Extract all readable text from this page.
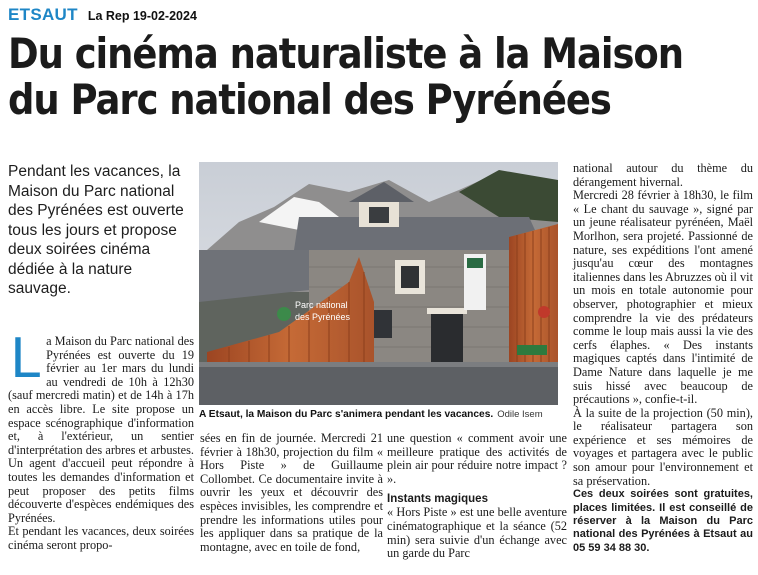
ETSAUT La Rep 19-02-2024
Du cinéma naturaliste à la Maison
du Parc national des Pyrénées
Pendant les vacances, la Maison du Parc national des Pyrénées est ouverte tous les jours et propose deux soirées cinéma dédiée à la nature sauvage.

La Maison du Parc national des Pyrénées est ouverte du 19 février au 1er mars du lundi au vendredi de 10h à 12h30 (sauf mercredi matin) et de 14h à 17h en accès libre. Le site propose un espace scénographique d'information et, à l'extérieur, un sentier d'interprétation des arbres et arbustes. Un agent d'accueil peut répondre à toutes les demandes d'information et peut proposer des petits films découverte d'espèces endémiques des Pyrénées.

Et pendant les vacances, deux soirées cinéma seront propo-

Parc national
des Pyrénées
A Etsaut, la Maison du Parc s'animera pendant les vacances. Odile Isem

sées en fin de journée. Mercredi 21 février à 18h30, projection du film « Hors Piste » de Guillaume Collombet. Ce documentaire invite à ouvrir les yeux et découvrir des espèces invisibles, les comprendre et prendre les informations utiles pour les appliquer dans sa pratique de la montagne, avec en toile de fond,

une question « comment avoir une meilleure pratique des activités de plein air pour réduire notre impact ? ».

Instants magiques

« Hors Piste » est une belle aventure cinématographique et la séance (52 min) sera suivie d'un échange avec un garde du Parc

national autour du thème du dérangement hivernal.

Mercredi 28 février à 18h30, le film « Le chant du sauvage », signé par un jeune réalisateur pyrénéen, Maël Morlhon, sera projeté. Passionné de nature, ses expéditions l'ont amené jusqu'au cœur des montagnes italiennes dans les Abruzzes où il vit un mois en totale autonomie pour observer, photographier et mieux comprendre la vie des prédateurs comme le loup mais aussi la vie des cerfs élaphes. « Des instants magiques captés dans l'intimité de Dame Nature dans laquelle je me suis hissé avec beaucoup de précautions », confie-t-il.

À la suite de la projection (50 min), le réalisateur partagera son expérience et ses mémoires de voyages et partagera avec le public son amour pour l'environnement et sa préservation.

Ces deux soirées sont gratuites, places limitées. Il est conseillé de réserver à la Maison du Parc national des Pyrénées à Etsaut au 05 59 34 88 30.
